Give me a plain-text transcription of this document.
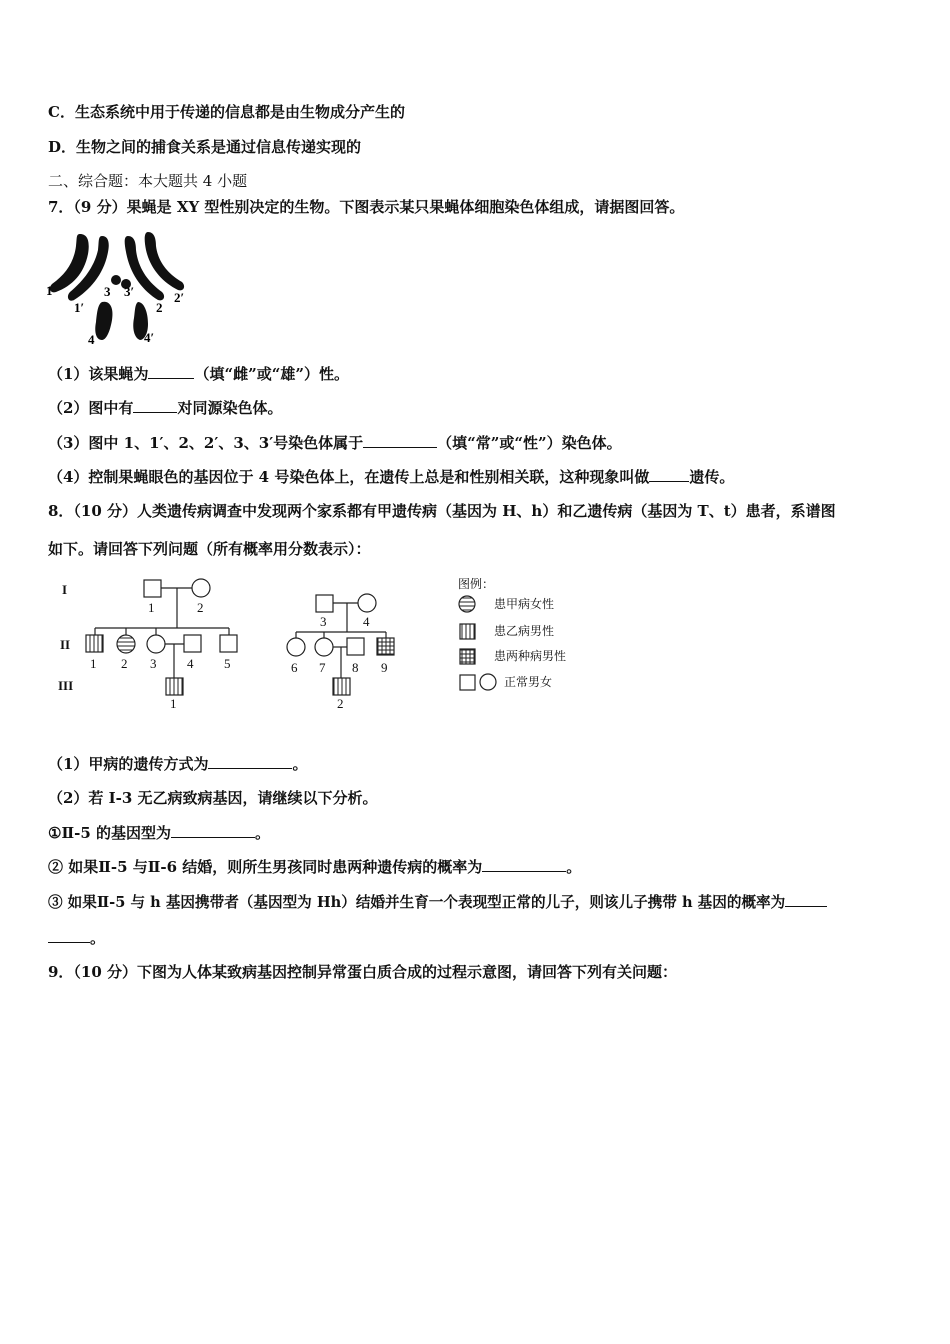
C．生态系统中用于传递的信息都是由生物成分产生的
D．生物之间的捕食关系是通过信息传递实现的
二、综合题：本大题共 4 小题
7．（9 分）果蝇是 XY 型性别决定的生物。下图表示某只果蝇体细胞染色体组成，请据图回答。
1
1′
3 3′
2
2′
4	4′
（1）该果蝇为	（填“雌”或“雄”）性。
（2）图中有	对同源染色体。
（3）图中 1、1′、2、2′、3、3′号染色体属于	（填“常”或“性”）染色体。
（4）控制果蝇眼色的基因位于 4 号染色体上，在遗传上总是和性别相关联，这种现象叫做	遗传。
8．（10 分）人类遗传病调查中发现两个家系都有甲遗传病（基因为 H、h）和乙遗传病（基因为 T、t）患者，系谱图
如下。请回答下列问题（所有概率用分数表示）：
I
II
III
1	2
1 2 3 4 5
1
3	4
6 7 8 9
2
图例：
患甲病女性
患乙病男性
患两种病男性
正常男女
（1）甲病的遗传方式为	。
（2）若 I-3 无乙病致病基因，请继续以下分析。
①Ⅱ-5 的基因型为	。
② 如果Ⅱ-5 与Ⅱ-6 结婚，则所生男孩同时患两种遗传病的概率为	。
③ 如果Ⅱ-5 与 h 基因携带者（基因型为 Hh）结婚并生育一个表现型正常的儿子，则该儿子携带 h 基因的概率为
。
9．（10 分）下图为人体某致病基因控制异常蛋白质合成的过程示意图，请回答下列有关问题：
